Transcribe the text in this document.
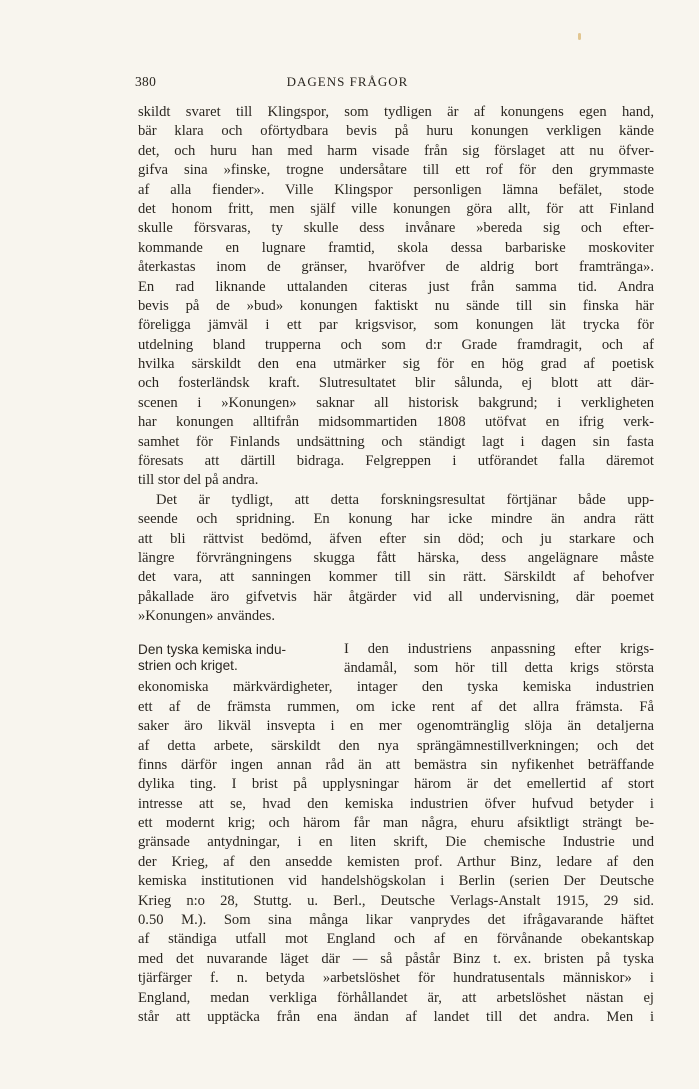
380	DAGENS FRÅGOR
skildt svaret till Klingspor, som tydligen är af konungens egen hand,
bär klara och oförtydbara bevis på huru konungen verkligen kände
det, och huru han med harm visade från sig förslaget att nu öfver-
gifva sina »finske, trogne undersåtare till ett rof för den grymmaste
af alla fiender». Ville Klingspor personligen lämna befälet, stode
det honom fritt, men själf ville konungen göra allt, för att Finland
skulle försvaras, ty skulle dess invånare »bereda sig och efter-
kommande en lugnare framtid, skola dessa barbariske moskoviter
återkastas inom de gränser, hvaröfver de aldrig bort framtränga».
En rad liknande uttalanden citeras just från samma tid. Andra
bevis på de »bud» konungen faktiskt nu sände till sin finska här
föreligga jämväl i ett par krigsvisor, som konungen lät trycka för
utdelning bland trupperna och som d:r Grade framdragit, och af
hvilka särskildt den ena utmärker sig för en hög grad af poetisk
och fosterländsk kraft. Slutresultatet blir sålunda, ej blott att där-
scenen i »Konungen» saknar all historisk bakgrund; i verkligheten
har konungen alltifrån midsommartiden 1808 utöfvat en ifrig verk-
samhet för Finlands undsättning och ständigt lagt i dagen sin fasta
föresats att därtill bidraga. Felgreppen i utförandet falla däremot
till stor del på andra.
Det är tydligt, att detta forskningsresultat förtjänar både upp-
seende och spridning. En konung har icke mindre än andra rätt
att bli rättvist bedömd, äfven efter sin död; och ju starkare och
längre förvrängningens skugga fått härska, dess angelägnare måste
det vara, att sanningen kommer till sin rätt. Särskildt af behofver
påkallade äro gifvetvis här åtgärder vid all undervisning, där poemet
»Konungen» användes.
Den tyska kemiska indu-
strien och kriget.
I den industriens anpassning efter krigs-
ändamål, som hör till detta krigs största
ekonomiska märkvärdigheter, intager den tyska kemiska industrien
ett af de främsta rummen, om icke rent af det allra främsta. Få
saker äro likväl insvepta i en mer ogenomtränglig slöja än detaljerna
af detta arbete, särskildt den nya sprängämnestillverkningen; och det
finns därför ingen annan råd än att bemästra sin nyfikenhet beträffande
dylika ting. I brist på upplysningar härom är det emellertid af stort
intresse att se, hvad den kemiska industrien öfver hufvud betyder i
ett modernt krig; och härom får man några, ehuru afsiktligt strängt be-
gränsade antydningar, i en liten skrift, Die chemische Industrie und
der Krieg, af den ansedde kemisten prof. Arthur Binz, ledare af den
kemiska institutionen vid handelshögskolan i Berlin (serien Der Deutsche
Krieg n:o 28, Stuttg. u. Berl., Deutsche Verlags-Anstalt 1915, 29 sid.
0.50 M.). Som sina många likar vanprydes det ifrågavarande häftet
af ständiga utfall mot England och af en förvånande obekantskap
med det nuvarande läget där — så påstår Binz t. ex. bristen på tyska
tjärfärger f. n. betyda »arbetslöshet för hundratusentals människor» i
England, medan verkliga förhållandet är, att arbetslöshet nästan ej
står att upptäcka från ena ändan af landet till det andra. Men i
